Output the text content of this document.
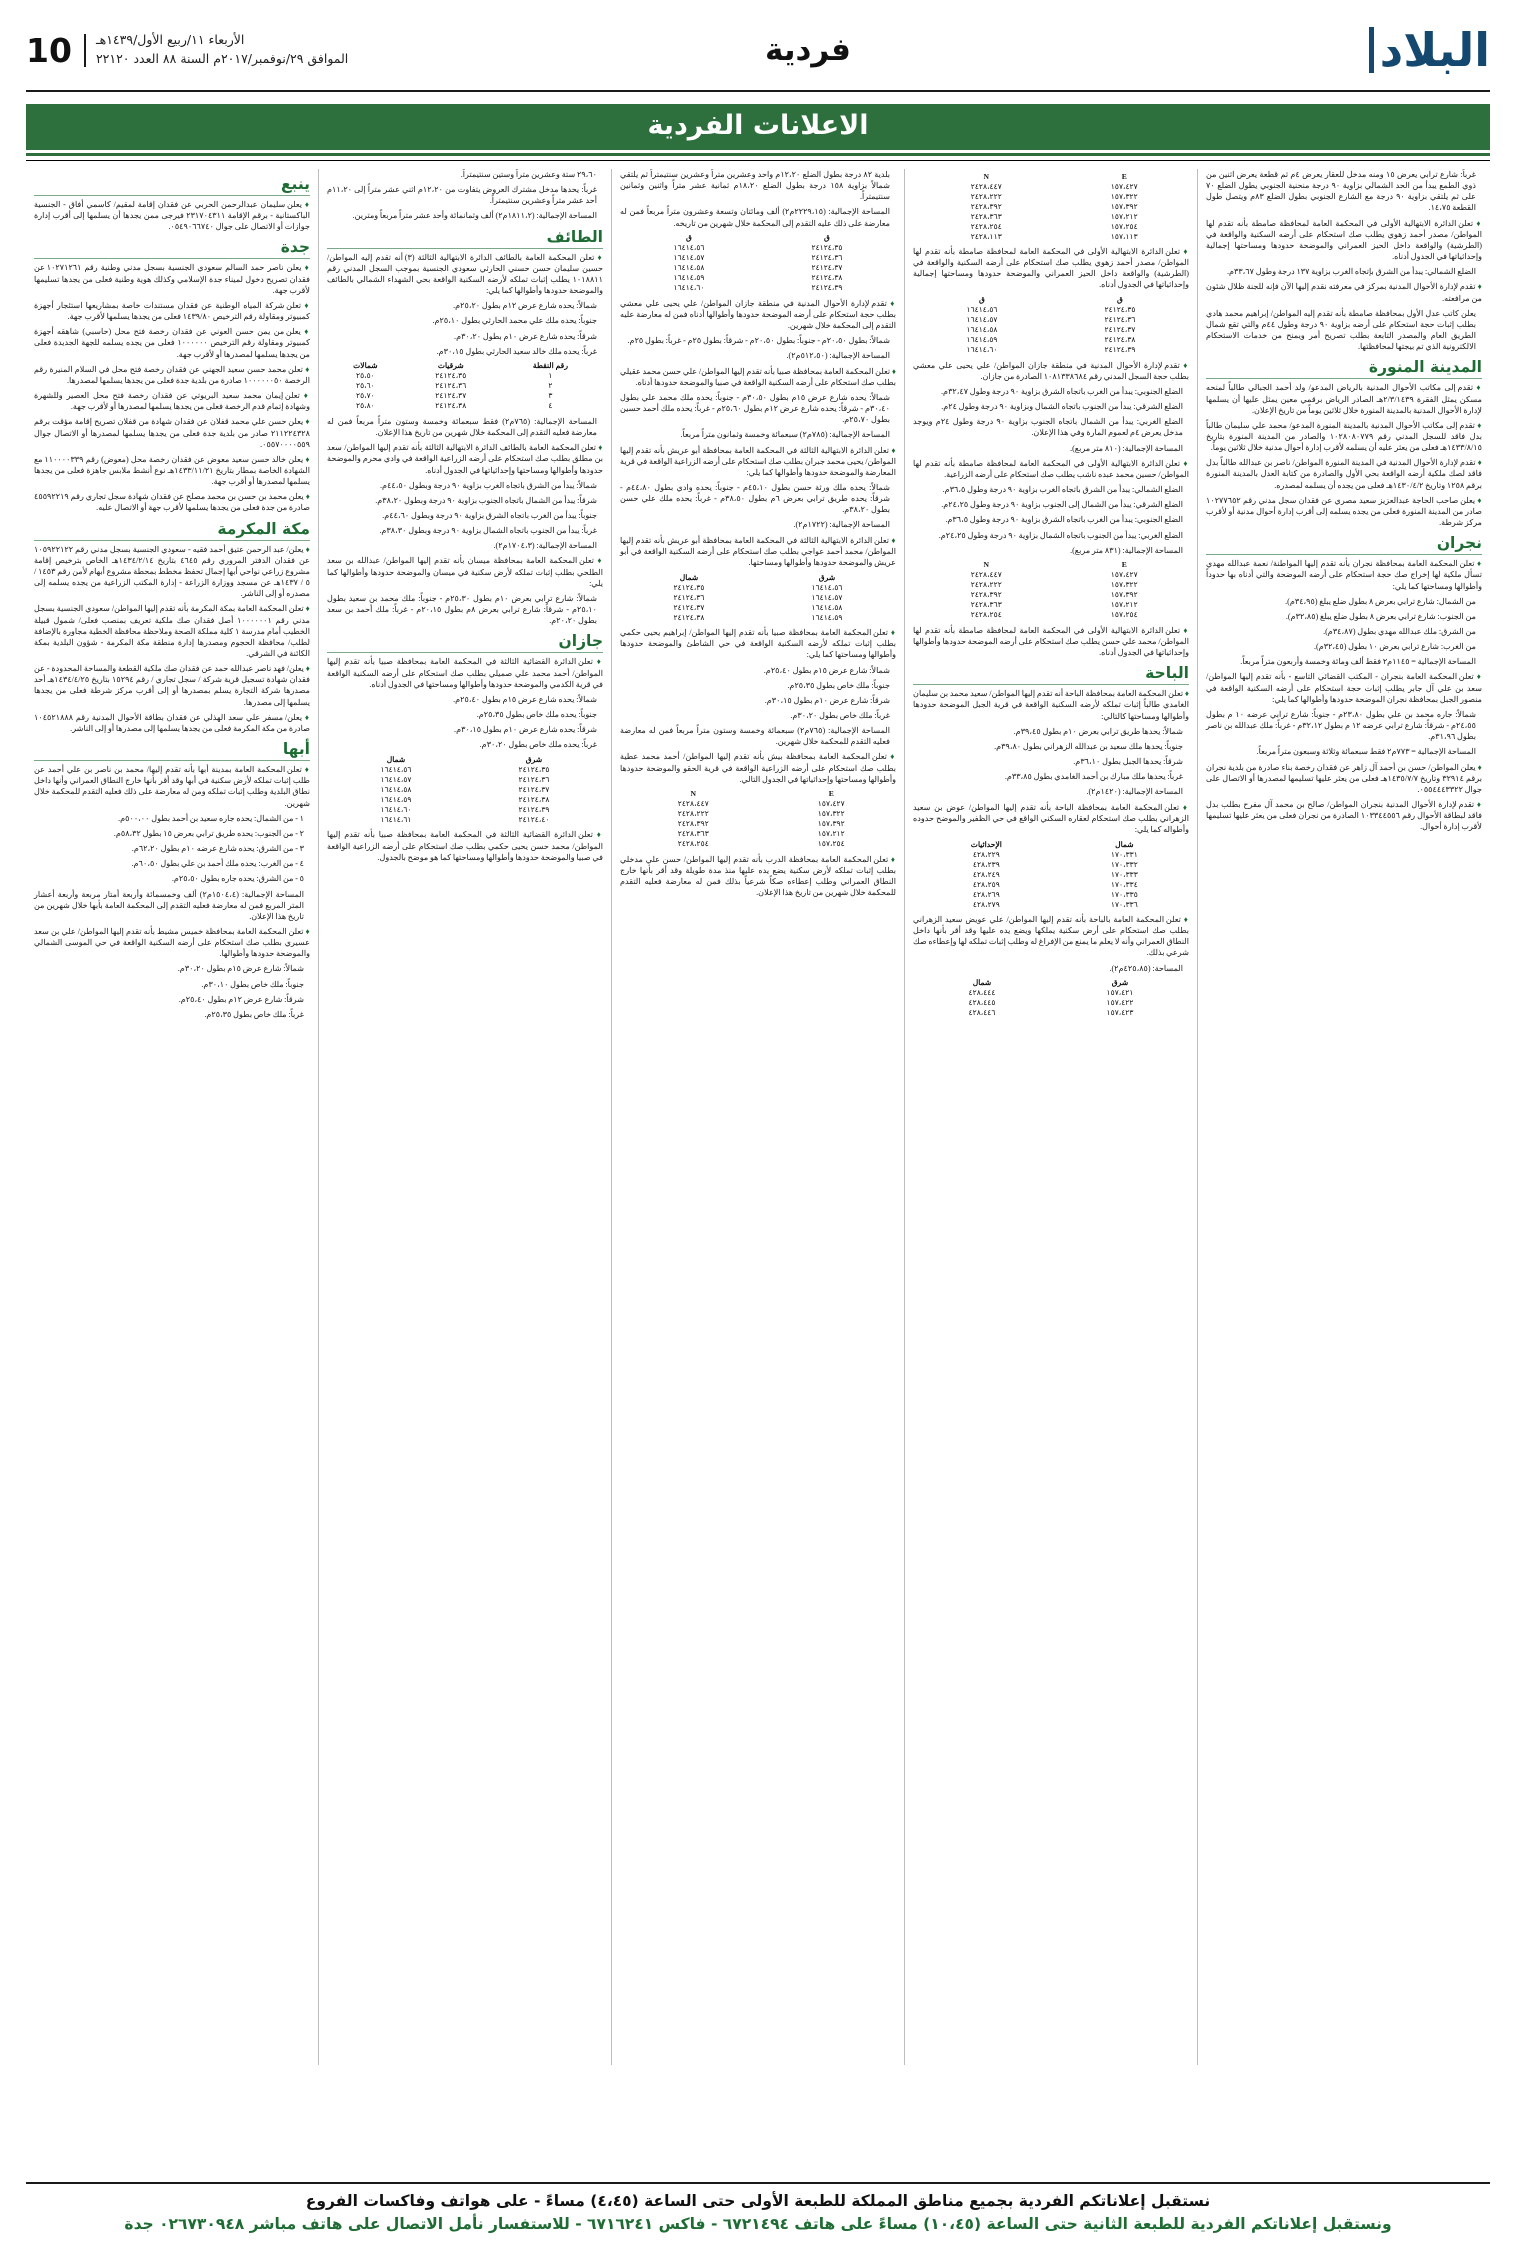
البلاد
فردية
الأربعاء ١١/ربيع الأول/١٤٣٩هـ
الموافق ٢٩/نوفمبر/٢٠١٧م السنة ٨٨ العدد ٢٢١٢٠
10
الاعلانات الفردية

غرباً: شارع ترابي يعرض ١٥ ومنه مدخل للعقار يعرض ٤م ثم قطعة يعرض اثنين من ذوي الطمع يبدأ من الحد الشمالي بزاوية ٩٠ درجة منحنية الجنوبي يطول الضلع ٧٠ على ثم يلتقي بزاوية ٩٠ درجة مع الشارع الجنوبي بطول الضلع ٨٣م ويتصل طول القطعة ١٤،٧٥.

♦ تعلن الدائرة الابتهالية الأولى في المحكمة العامة لمحافظة صامطة بأنه تقدم لها المواطن/ مصدر أحمد زهوي يطلب صك استحكام على أرضه السكنية والواقعة في (الطرشية) والواقعة داخل الحيز العمراني والموضحة حدودها ومساحتها إجمالية وإحداثياتها في الجدول أدناه.

الضلع الشمالي: يبدأ من الشرق بإتجاه الغرب بزاوية ١٣٧ درجة وطول ٣٣،٦٧م.

♦ تقدم لإدارة الأحوال المدنية بمركز في معرفته نقدم إليها الآن فإنه للجنة ظلال شئون من مرافعته.

يعلن كاتب عدل الأول بمحافظة صامطة بأنه تقدم إليه المواطن/ إبراهيم محمد هادي بطلب إثبات حجة استحكام على أرضه بزاوية ٩٠ درجة وطول ٤٤م والتي تقع شمال الطريق العام والمصدر التابعة بطلب تصريح أمر ويمنح من خدمات الاستحكام الالكترونية الذي تم بيجتها لمحافظتها.

المدينة المنورة

♦ تقدم إلى مكاتب الأحوال المدنية بالرياض المدعو/ ولد أحمد الجبالي طالباً لمنحه مسكن يمثل الفقرة ٢/٣/١٤٣٩هـ الصادر الرياض برقمي معين يمثل عليها أن يسلمها لإدارة الأحوال المدنية بالمدينة المنورة خلال ثلاثين يوماً من تاريخ الإعلان.

♦ تقدم إلى مكاتب الأحوال المدنية بالمدينة المنورة المدعو/ محمد علي سليمان طالباً بدل فاقد للسجل المدني رقم ١٠٢٨٠٨٠٧٧٩ والصادر من المدينة المنورة بتاريخ ١٤٣٣/٨/١٥هـ فعلى من يعثر عليه أن يسلمه لأقرب إدارة أحوال مدنية خلال ثلاثين يوماً.

♦ تقدم لإدارة الأحوال المدنية في المدينة المنورة المواطن/ ناصر بن عبدالله طالباً بدل فاقد لصك ملكية أرضه الواقعة بحي الأول والصادرة من كتابة العدل بالمدينة المنورة برقم ١٢٥٨ وتاريخ ١٤٣٠/٤/٢هـ فعلى من يجده أن يسلمه لمصدره.

♦ يعلن صاحب الحاجة عبدالعزيز سعيد مصري عن فقدان سجل مدني رقم ١٠٢٧٧٦٥٢ صادر من المدينة المنورة فعلى من يجده يسلمه إلى أقرب إدارة أحوال مدنية أو لأقرب مركز شرطة.

نجران

♦ تعلن المحكمة العامة بمحافظة نجران بأنه تقدم إليها المواطنة/ نعمة عبدالله مهدي تسأل ملكية لها إخراج صك حجة استحكام على أرضه الموضحة والتي أدناه بها حدوداً وأطوالها ومساحتها كما يلي:

من الشمال: شارع ترابي بعرض ٨ بطول ضلع يبلغ (٣٤،٩٥م).

من الجنوب: شارع ترابي بعرض ٨ بطول ضلع يبلغ (٣٢،٨٥م).

من الشرق: ملك عبدالله مهدي بطول (٣٤،٨٧م).

من الغرب: شارع ترابي بعرض ١٠ بطول (٣٢،٤٥م).

المساحة الإجمالية = ١١٤٥م٢ فقط ألف ومائة وخمسة وأربعون متراً مربعاً.

♦ تعلن المحكمة العامة بنجران - المكتب القضائي التاسع - بأنه تقدم إليها المواطن/ سعد بن علي آل جابر يطلب إثبات حجة استحكام على أرضه السكنية الواقعة في منصور الجبل بمحافظة نجران الموضحة حدودها وأطوالها كما يلي:

شمالاً: جاره محمد بن علي بطول ٢٣،٨٠م - جنوباً: شارع ترابي عرضه ١٠ م بطول ٢٤،٥٥م - شرقاً: شارع ترابي عرضه ١٢ م بطول ٣٢،١٢م - غرباً: ملك عبدالله بن ناصر بطول ٣١،٩٦م.

المساحة الإجمالية = ٧٧٣م٢ فقط سبعمائة وثلاثة وسبعون متراً مربعاً.

♦ يعلن المواطن/ حسن بن أحمد آل زاهر عن فقدان رخصة بناء صادرة من بلدية نجران برقم ٣٢٩١٤ وتاريخ ١٤٣٥/٧/٧هـ فعلى من يعثر عليها تسليمها لمصدرها أو الاتصال على جوال ٠٥٥٤٤٤٣٣٢٢.

♦ تقدم لإدارة الأحوال المدنية بنجران المواطن/ صالح بن محمد آل مفرح بطلب بدل فاقد لبطاقة الأحوال رقم ١٠٣٣٤٤٥٥٦ الصادرة من نجران فعلى من يعثر عليها تسليمها لأقرب إدارة أحوال.

E	N
١٥٧،٤٢٧	٢٤٢٨،٤٤٧
١٥٧،٣٢٢	٢٤٢٨،٢٢٢
١٥٧،٣٩٢	٢٤٢٨،٣٩٢
١٥٧،٢١٢	٢٤٢٨،٣٦٣
١٥٧،٢٥٤	٢٤٢٨،٢٥٤
١٥٧،١١٣	٢٤٢٨،١١٣

♦ تعلن الدائرة الابتهالية الأولى في المحكمة العامة لمحافظة صامطة بأنه تقدم لها المواطن/ مصدر أحمد زهوي يطلب صك استحكام على أرضه السكنية والواقعة في (الطرشية) والواقعة داخل الحيز العمراني والموضحة حدودها ومساحتها إجمالية وإحداثياتها في الجدول أدناه.

ق	ق
٢٤١٢٤،٣٥	١٦٤١٤،٥٦
٢٤١٢٤،٣٦	١٦٤١٤،٥٧
٢٤١٢٤،٣٧	١٦٤١٤،٥٨
٢٤١٢٤،٣٨	١٦٤١٤،٥٩
٢٤١٢٤،٣٩	١٦٤١٤،٦٠

♦ تقدم لإدارة الأحوال المدنية في منطقة جازان المواطن/ علي يحيى علي معشي بطلب حجة السجل المدني رقم ١٠٨١٣٣٨٦٨٤ الصادرة من جازان.

الضلع الجنوبي: يبدأ من الغرب باتجاه الشرق بزاوية ٩٠ درجة وطول ٣٢،٤٧م.

الضلع الشرقي: يبدأ من الجنوب باتجاه الشمال وبزاوية ٩٠ درجة وطول ٢٤م.

الضلع الغربي: يبدأ من الشمال باتجاه الجنوب بزاوية ٩٠ درجة وطول ٢٤م ويوجد مدخل يعرض ٤م لعموم المارة وفي هذا الإعلان.

المساحة الإجمالية: (٨١٠ متر مربع).

♦ تعلن الدائرة الابتهالية الأولى في المحكمة العامة لمحافظة صامطة بأنه تقدم لها المواطن/ حسين محمد عبده ناشب يطلب صك استحكام على أرضه الزراعية.

الضلع الشمالي: يبدأ من الشرق باتجاه الغرب بزاوية ٩٠ درجة وطول ٣٦،٥م.

الضلع الشرقي: يبدأ من الشمال إلى الجنوب بزاوية ٩٠ درجة وطول ٢٤،٢٥م.

الضلع الجنوبي: يبدأ من الغرب باتجاه الشرق بزاوية ٩٠ درجة وطول ٣٦،٥م.

الضلع الغربي: يبدأ من الجنوب باتجاه الشمال بزاوية ٩٠ درجة وطول ٢٤،٢٥م.

المساحة الإجمالية: (٨٣١ متر مربع).

E	N
١٥٧،٤٢٧	٢٤٢٨،٤٤٧
١٥٧،٣٢٢	٢٤٢٨،٢٢٢
١٥٧،٣٩٢	٢٤٢٨،٣٩٢
١٥٧،٢١٢	٢٤٢٨،٣٦٣
١٥٧،٢٥٤	٢٤٢٨،٢٥٤

♦ تعلن الدائرة الابتهالية الأولى في المحكمة العامة لمحافظة صامطة بأنه تقدم لها المواطن/ محمد علي حسن يطلب صك استحكام على أرضه الموضحة حدودها وأطوالها وإحداثياتها في الجدول أدناه.

الباحة

♦ تعلن المحكمة العامة بمحافظة الباحة أنه تقدم إليها المواطن/ سعيد محمد بن سليمان الغامدي طالباً إثبات تملكه لأرضه السكنية الواقعة في قرية الجبل الموضحة حدودها وأطوالها ومساحتها كالتالي:

شمالاً: يحدها طريق ترابي بعرض ١٠م بطول ٣٩،٤٥م.

جنوباً: يحدها ملك سعيد بن عبدالله الزهراني بطول ٣٩،٨٠م.

شرقاً: يحدها الجبل بطول ٣٦،١٠م.

غرباً: يحدها ملك مبارك بن أحمد الغامدي بطول ٣٣،٨٥م.

المساحة الإجمالية: (١٤٢٠م٢).

♦ تعلن المحكمة العامة بمحافظة الباحة بأنه تقدم إليها المواطن/ عوض بن سعيد الزهراني بطلب صك استحكام لعقاره السكني الواقع في حي الظفير والموضح حدوده وأطواله كما يلي:

شمال	الإحداثيات
١٧٠،٣٣١	٤٢٨،٢٢٩
١٧٠،٣٣٢	٤٢٨،٢٣٩
١٧٠،٣٣٣	٤٢٨،٢٤٩
١٧٠،٣٣٤	٤٢٨،٢٥٩
١٧٠،٣٣٥	٤٢٨،٢٦٩
١٧٠،٣٣٦	٤٢٨،٢٧٩

♦ تعلن المحكمة العامة بالباحة بأنه تقدم إليها المواطن/ علي عويض سعيد الزهراني بطلب صك استحكام على أرض سكنية يملكها ويضع يده عليها وقد أقر بأنها داخل النطاق العمراني وأنه لا يعلم ما يمنع من الإفراغ له وطلب إثبات تملكه لها وإعطاءه صك شرعي بذلك.

المساحة: (٤٢٥،٨٥م٢).

شرق	شمال
١٥٧،٤٢١	٤٢٨،٤٤٤
١٥٧،٤٢٢	٤٢٨،٤٤٥
١٥٧،٤٢٣	٤٢٨،٤٤٦

بلدية ٨٢ درجة بطول الضلع ١٢،٢٠م واحد وعشرين متراً وعشرين سنتيمتراً ثم يلتقي شمالاً بزاوية ١٥٨ درجة بطول الضلع ١٨،٢٠م ثمانية عشر متراً واثنين وثمانين سنتيمتراً.

المساحة الإجمالية: (٢٢٢٩،١٥م٢) ألف ومائتان وتسعة وعشرون متراً مربعاً فمن له معارضة على ذلك عليه التقدم إلى المحكمة خلال شهرين من تاريخه.

ق	ق
٢٤١٢٤،٣٥	١٦٤١٤،٥٦
٢٤١٢٤،٣٦	١٦٤١٤،٥٧
٢٤١٢٤،٣٧	١٦٤١٤،٥٨
٢٤١٢٤،٣٨	١٦٤١٤،٥٩
٢٤١٢٤،٣٩	١٦٤١٤،٦٠

♦ تقدم لإدارة الأحوال المدنية في منطقة جازان المواطن/ علي يحيى علي معشي بطلب حجة استحكام على أرضه الموضحة حدودها وأطوالها أدناه فمن له معارضة عليه التقدم إلى المحكمة خلال شهرين.

شمالاً: بطول ٢٠،٥٠م - جنوباً: بطول ٢٠،٥٠م - شرقاً: بطول ٢٥م - غرباً: بطول ٢٥م.

المساحة الإجمالية: (٥١٢،٥٠م٢).

♦ تعلن المحكمة العامة بمحافظة صبيا بأنه تقدم إليها المواطن/ علي حسن محمد عقيلي بطلب صك استحكام على أرضه السكنية الواقعة في صبيا والموضحة حدودها أدناه.

شمالاً: يحده شارع عرض ١٥م بطول ٣٠،٥٠م - جنوباً: يحده ملك محمد علي بطول ٣٠،٤٠م - شرقاً: يحده شارع عرض ١٢م بطول ٢٥،٦٠م - غرباً: يحده ملك أحمد حسين بطول ٢٥،٧٠م.

المساحة الإجمالية: (٧٨٥م٢) سبعمائة وخمسة وثمانون متراً مربعاً.

♦ تعلن الدائرة الابتهالية الثالثة في المحكمة العامة بمحافظة أبو عريش بأنه تقدم إليها المواطن/ يحيى محمد جبران بطلب صك استحكام على أرضه الزراعية الواقعة في قرية المعارضة والموضحة حدودها وأطوالها كما يلي:

شمالاً: يحده ملك ورثة حسن بطول ٤٥،١٠م - جنوباً: يحده وادي بطول ٤٤،٨٠م - شرقاً: يحده طريق ترابي بعرض ٦م بطول ٣٨،٥٠م - غرباً: يحده ملك علي حسن بطول ٣٨،٢٠م.

المساحة الإجمالية: (١٧٢٢م٢).

♦ تعلن الدائرة الابتهالية الثالثة في المحكمة العامة بمحافظة أبو عريش بأنه تقدم إليها المواطن/ محمد أحمد عواجي بطلب صك استحكام على أرضه السكنية الواقعة في أبو عريش والموضحة حدودها وأطوالها ومساحتها.

شرق	شمال
١٦٤١٤،٥٦	٢٤١٢٤،٣٥
١٦٤١٤،٥٧	٢٤١٢٤،٣٦
١٦٤١٤،٥٨	٢٤١٢٤،٣٧
١٦٤١٤،٥٩	٢٤١٢٤،٣٨

♦ تعلن المحكمة العامة بمحافظة صبيا بأنه تقدم إليها المواطن/ إبراهيم يحيى حكمي بطلب إثبات تملكه لأرضه السكنية الواقعة في حي الشاطئ والموضحة حدودها وأطوالها ومساحتها كما يلي:

شمالاً: شارع عرض ١٥م بطول ٢٥،٤٠م.

جنوباً: ملك خاص بطول ٢٥،٣٥م.

شرقاً: شارع عرض ١٠م بطول ٣٠،١٥م.

غرباً: ملك خاص بطول ٣٠،٢٠م.

المساحة الإجمالية: (٧٦٥م٢) سبعمائة وخمسة وستون متراً مربعاً فمن له معارضة فعليه التقدم للمحكمة خلال شهرين.

♦ تعلن المحكمة العامة بمحافظة بيش بأنه تقدم إليها المواطن/ أحمد محمد عطية بطلب صك استحكام على أرضه الزراعية الواقعة في قرية الحقو والموضحة حدودها وأطوالها ومساحتها وإحداثياتها في الجدول التالي.

E	N
١٥٧،٤٢٧	٢٤٢٨،٤٤٧
١٥٧،٣٢٢	٢٤٢٨،٢٢٢
١٥٧،٣٩٢	٢٤٢٨،٣٩٢
١٥٧،٢١٢	٢٤٢٨،٣٦٣
١٥٧،٢٥٤	٢٤٢٨،٢٥٤

♦ تعلن المحكمة العامة بمحافظة الدرب بأنه تقدم إليها المواطن/ حسن علي مدخلي بطلب إثبات تملكه لأرض سكنية يضع يده عليها منذ مدة طويلة وقد أقر بأنها خارج النطاق العمراني وطلب إعطاءه صكاً شرعياً بذلك فمن له معارضة فعليه التقدم للمحكمة خلال شهرين من تاريخ هذا الإعلان.

٢٩،٦٠ ستة وعشرين متراً وستين سنتيمتراً.

غرباً: يحدها مدخل مشترك العروض يتفاوت من ١٢،٢٠م اثني عشر متراً إلى ١١،٢٠م أحد عشر متراً وعشرين سنتيمتراً.

المساحة الإجمالية: (١٨١١،٢م٢) ألف وثمانمائة وأحد عشر متراً مربعاً ومترين.

الطائف

♦ تعلن المحكمة العامة بالطائف الدائرة الابتهالية الثالثة (٣) أنه تقدم إليه المواطن/ حسين سليمان حسن حسني الحارثي سعودي الجنسية بموجب السجل المدني رقم ١٠١٨٨١١ يطلب إثبات تملكه لأرضه السكنية الواقعة بحي الشهداء الشمالي بالطائف والموضحة حدودها وأطوالها كما يلي:

شمالاً: يحده شارع عرض ١٢م بطول ٢٥،٢٠م.

جنوباً: يحده ملك علي محمد الحارثي بطول ٢٥،١٠م.

شرقاً: يحده شارع عرض ١٠م بطول ٣٠،٢٠م.

غرباً: يحده ملك خالد سعيد الحارثي بطول ٣٠،١٥م.

رقم النقطة	شرقيات	شمالات
١	٢٤١٢٤،٣٥	٢٥،٥٠
٢	٢٤١٢٤،٣٦	٢٥،٦٠
٣	٢٤١٢٤،٣٧	٢٥،٧٠
٤	٢٤١٢٤،٣٨	٢٥،٨٠

المساحة الإجمالية: (٧٦٥م٢) فقط سبعمائة وخمسة وستون متراً مربعاً فمن له معارضة فعليه التقدم إلى المحكمة خلال شهرين من تاريخ هذا الإعلان.

♦ تعلن المحكمة العامة بالطائف الدائرة الابتهالية الثالثة بأنه تقدم إليها المواطن/ سعد بن مطلق بطلب صك استحكام على أرضه الزراعية الواقعة في وادي محرم والموضحة حدودها وأطوالها ومساحتها وإحداثياتها في الجدول أدناه.

شمالاً: يبدأ من الشرق باتجاه الغرب بزاوية ٩٠ درجة وبطول ٤٤،٥٠م.

شرقاً: يبدأ من الشمال باتجاه الجنوب بزاوية ٩٠ درجة وبطول ٣٨،٢٠م.

جنوباً: يبدأ من الغرب باتجاه الشرق بزاوية ٩٠ درجة وبطول ٤٤،٦٠م.

غرباً: يبدأ من الجنوب باتجاه الشمال بزاوية ٩٠ درجة وبطول ٣٨،٣٠م.

المساحة الإجمالية: (١٧٠٤،٣م٢).

♦ تعلن المحكمة العامة بمحافظة ميسان بأنه تقدم إليها المواطن/ عبدالله بن سعد الطلحي بطلب إثبات تملكه لأرض سكنية في ميسان والموضحة حدودها وأطوالها كما يلي:

شمالاً: شارع ترابي بعرض ١٠م بطول ٢٥،٣٠م - جنوباً: ملك محمد بن سعيد بطول ٢٥،١٠م - شرقاً: شارع ترابي بعرض ٨م بطول ٢٠،١٥م - غرباً: ملك أحمد بن سعد بطول ٢٠،٢٠م.

جازان

♦ تعلن الدائرة القضائية الثالثة في المحكمة العامة بمحافظة صبيا بأنه تقدم إليها المواطن/ أحمد محمد علي صميلي بطلب صك استحكام على أرضه السكنية الواقعة في قرية الكدمي والموضحة حدودها وأطوالها ومساحتها في الجدول أدناه.

شمالاً: يحده شارع عرض ١٥م بطول ٢٥،٤٠م.

جنوباً: يحده ملك خاص بطول ٢٥،٣٥م.

شرقاً: يحده شارع عرض ١٠م بطول ٣٠،١٥م.

غرباً: يحده ملك خاص بطول ٣٠،٢٠م.

شرق	شمال
٢٤١٢٤،٣٥	١٦٤١٤،٥٦
٢٤١٢٤،٣٦	١٦٤١٤،٥٧
٢٤١٢٤،٣٧	١٦٤١٤،٥٨
٢٤١٢٤،٣٨	١٦٤١٤،٥٩
٢٤١٢٤،٣٩	١٦٤١٤،٦٠
٢٤١٢٤،٤٠	١٦٤١٤،٦١

♦ تعلن الدائرة القضائية الثالثة في المحكمة العامة بمحافظة صبيا بأنه تقدم إليها المواطن/ محمد حسن يحيى حكمي بطلب صك استحكام على أرضه الزراعية الواقعة في صبيا والموضحة حدودها وأطوالها ومساحتها كما هو موضح بالجدول.

ينبع

♦ يعلن سليمان عبدالرحمن الحربي عن فقدان إقامة لمقيم/ كاسمي أفاق - الجنسية الباكستانية - برقم الإقامة ٢٣١٧٠٤٣١١ فيرجى ممن يجدها أن يسلمها إلى أقرب إدارة جوازات أو الاتصال على جوال ٠٥٤٩٠٦٦٧٤٠.

جدة

♦ يعلن ناصر حمد السالم سعودي الجنسية بسجل مدني وطنية رقم ١٠٢٧١٢٦١ عن فقدان تصريح دخول لميناء جدة الإسلامي وكذلك هوية وطنية فعلى من يجدها تسليمها لأقرب جهة.

♦ تعلن شركة المياه الوطنية عن فقدان مستندات خاصة بمشاريعها استئجار أجهزة كمبيوتر ومقاولة رقم الترخيص ١٤٣٩/٨٠ فعلى من يجدها يسلمها لأقرب جهة.

♦ يعلن من يمن حسن العوني عن فقدان رخصة فتح محل (حاسبي) شاهقه أجهزة كمبيوتر ومقاولة رقم الترخيص ١٠٠٠٠٠٠ فعلى من يجده يسلمه للجهة الجديدة فعلى من يجدها يسلمها لمصدرها أو لأقرب جهة.

♦ تعلن محمد حسن سعيد الجهني عن فقدان رخصة فتح محل في السلام المنيرة رقم الرخصة ١٠٠٠٠٠٠٥٠ صادرة من بلدية جدة فعلى من يجدها يسلمها لمصدرها.

♦ تعلن إيمان محمد سعيد البريوتي عن فقدان رخصة فتح محل العصير وللشهرة وشهادة إتمام قدم الرخصة فعلى من يجدها يسلمها لمصدرها أو لأقرب جهة.

♦ يعلن حسن علي محمد قفلان عن فقدان شهادة من قفلان تصريح إقامة مؤقت برقم ٢١١٢٢٤٣٢٨ صادر من بلدية جدة فعلى من يجدها يسلمها لمصدرها أو الاتصال جوال ٠٥٥٧٠٠٠٠٥٥٩.

♦ يعلن خالد حسن سعيد معوض عن فقدان رخصة محل (معوض) رقم ١١٠٠٠٠٣٣٩ مع الشهادة الخاصة بمطار بتاريخ ١٤٣٣/١١/٢١هـ نوع أنشط ملابس جاهزة فعلى من يجدها يسلمها لمصدرها أو أقرب جهة.

♦ يعلن محمد بن حسن بن محمد مصلح عن فقدان شهادة سجل تجاري رقم ٤٥٥٩٢٢١٩ صادرة من جدة فعلى من يجدها يسلمها لأقرب جهة أو الاتصال عليه.

مكة المكرمة

♦ يعلن/ عبد الرحمن عتيق أحمد فقيه - سعودي الجنسية بسجل مدني رقم ١٠٥٩٢٢١٢٢ عن فقدان الدفتر المروري رقم ٤٦٤٥ بتاريخ ١٤٣٤/٢/١٤هـ الخاص بترخيص إقامة مشروع زراعي نواحي أبها إجمال تحفظ مخطط بمحطة مشروع أبهام لأمن رقم ١٤٥٣ / ٥ / ١٤٣٧هـ عن مسجد ووزارة الزراعة - إدارة المكتب الزراعية من يجده يسلمه إلى مصدره أو إلى الناشر.

♦ تعلن المحكمة العامة بمكة المكرمة بأنه تقدم إليها المواطن/ سعودي الجنسية بسجل مدني رقم ١٠٠٠٠٠٠١ أصل فقدان صك ملكية تعريف بمنصب فعلى/ شمول قبيلة الخطيب أمام مدرسة ١ كلية مملكة الصحة وملاحظة محافظة الخطية مجاورة بالإضافة لطلب/ محافظة الحجوم ومصدرها إدارة منطقة مكة المكرمة - شؤون البلدية بمكة الكائنة في الشرقي.

♦ يعلن/ فهد ناصر عبدالله حمد عن فقدان صك ملكية القطعة والمساحة المحدودة - عن فقدان شهادة تسجيل قرية شركة / سجل تجاري / رقم ١٥٢٩٤ بتاريخ ١٤٣٤/٤/٢٥هـ أحد مصدرها شركة التجارة يسلم بمصدرها أو إلى أقرب مركز شرطة فعلى من يجدها يسلمها إلى مصدرها.

♦ يعلن/ مسفر علي سعد الهذلي عن فقدان بطاقة الأحوال المدنية رقم ١٠٤٥٢١٨٨٨ صادرة من مكة المكرمة فعلى من يجدها يسلمها إلى مصدرها أو إلى الناشر.

أبها

♦ تعلن المحكمة العامة بمدينة أبها بأنه تقدم إليها/ محمد بن ناصر بن علي أحمد عن طلب إثبات تملكه لأرض سكنية في أبها وقد أقر بأنها خارج النطاق العمراني وأنها داخل نطاق البلدية وطلب إثبات تملكه ومن له معارضة على ذلك فعليه التقدم للمحكمة خلال شهرين.

١ - من الشمال: يحده جاره سعيد بن أحمد بطول ٥٠٠،٠٠م.

٢ - من الجنوب: يحده طريق ترابي بعرض ١٥ بطول ٥٨،٣٢م.

٣ - من الشرق: يحده شارع عرضه ١٠م بطول ٦٢،٢٠م.

٤ - من الغرب: يحده ملك أحمد بن علي بطول ٦٠،٥٠م.

٥ - من الشرق: يحده جاره بطول ٢٥،٥٠م.

المساحة الإجمالية: (١٥٠٤،٤م٢) ألف وخمسمائة وأربعة أمتار مربعة وأربعة أعشار المتر المربع فمن له معارضة فعليه التقدم إلى المحكمة العامة بأبها خلال شهرين من تاريخ هذا الإعلان.

♦ تعلن المحكمة العامة بمحافظة خميس مشيط بأنه تقدم إليها المواطن/ علي بن سعد عسيري بطلب صك استحكام على أرضه السكنية الواقعة في حي الموسى الشمالي والموضحة حدودها وأطوالها.

شمالاً: شارع عرض ١٥م بطول ٣٠،٢٠م.

جنوباً: ملك خاص بطول ٣٠،١٠م.

شرقاً: شارع عرض ١٢م بطول ٢٥،٤٠م.

غرباً: ملك خاص بطول ٢٥،٣٥م.

نستقبل إعلاناتكم الفردية بجميع مناطق المملكة للطبعة الأولى حتى الساعة (٤،٤٥) مساءً - على هواتف وفاكسات الفروع
ونستقبل إعلاناتكم الفردية للطبعة الثانية حتى الساعة (١٠،٤٥) مساءً على هاتف ٦٧٢١٤٩٤ - فاكس ٦٧١٦٢٤١ - للاستفسار نأمل الاتصال على هاتف مباشر ٠٢٦٧٣٠٩٤٨ جدة
